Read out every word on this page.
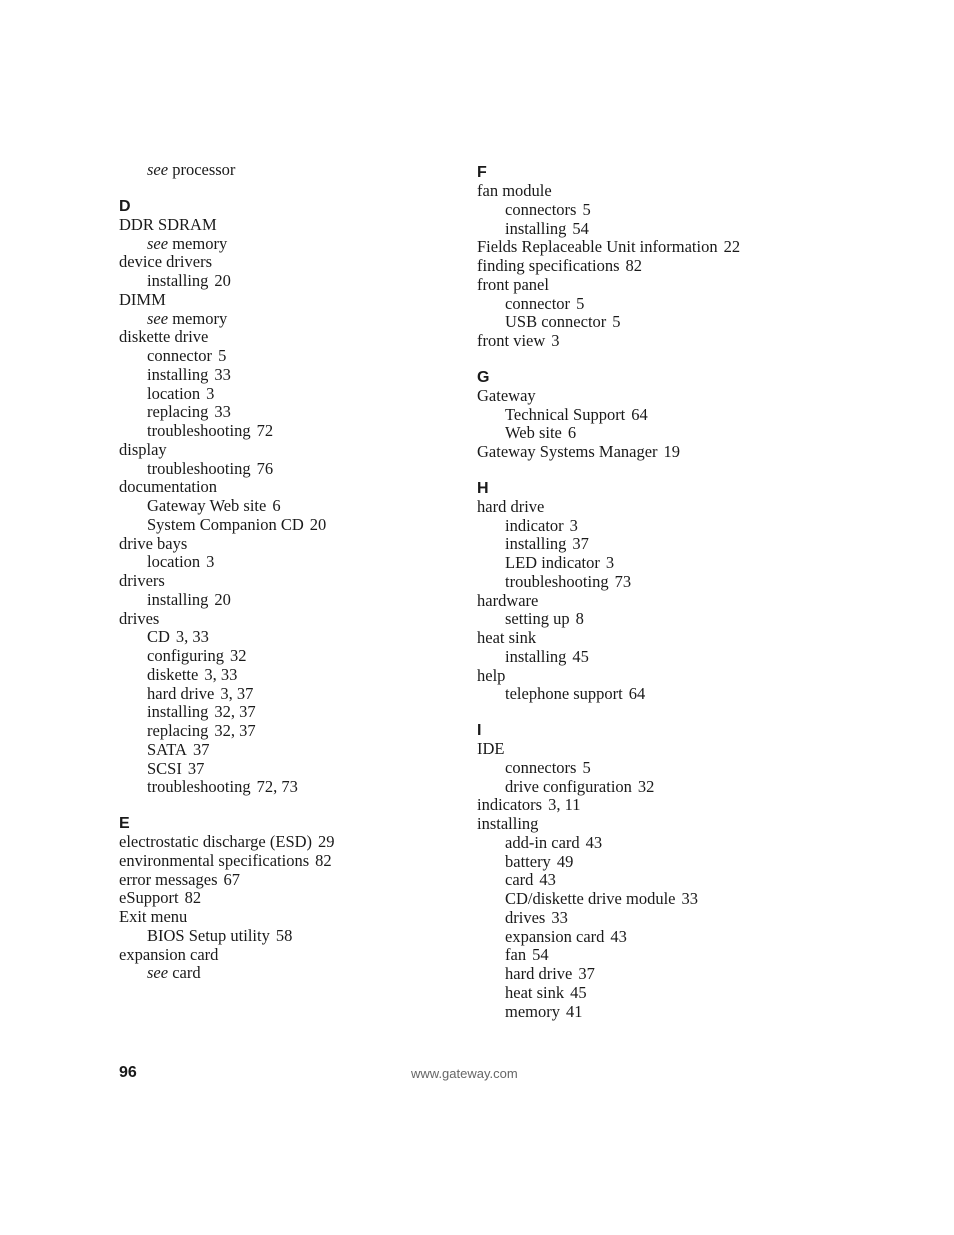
see processor
D
DDR SDRAM
see memory
device drivers
installing 20
DIMM
see memory
diskette drive
connector 5
installing 33
location 3
replacing 33
troubleshooting 72
display
troubleshooting 76
documentation
Gateway Web site 6
System Companion CD 20
drive bays
location 3
drivers
installing 20
drives
CD 3, 33
configuring 32
diskette 3, 33
hard drive 3, 37
installing 32, 37
replacing 32, 37
SATA 37
SCSI 37
troubleshooting 72, 73
E
electrostatic discharge (ESD) 29
environmental specifications 82
error messages 67
eSupport 82
Exit menu
BIOS Setup utility 58
expansion card
see card
F
fan module
connectors 5
installing 54
Fields Replaceable Unit information 22
finding specifications 82
front panel
connector 5
USB connector 5
front view 3
G
Gateway
Technical Support 64
Web site 6
Gateway Systems Manager 19
H
hard drive
indicator 3
installing 37
LED indicator 3
troubleshooting 73
hardware
setting up 8
heat sink
installing 45
help
telephone support 64
I
IDE
connectors 5
drive configuration 32
indicators 3, 11
installing
add-in card 43
battery 49
card 43
CD/diskette drive module 33
drives 33
expansion card 43
fan 54
hard drive 37
heat sink 45
memory 41
96	www.gateway.com
